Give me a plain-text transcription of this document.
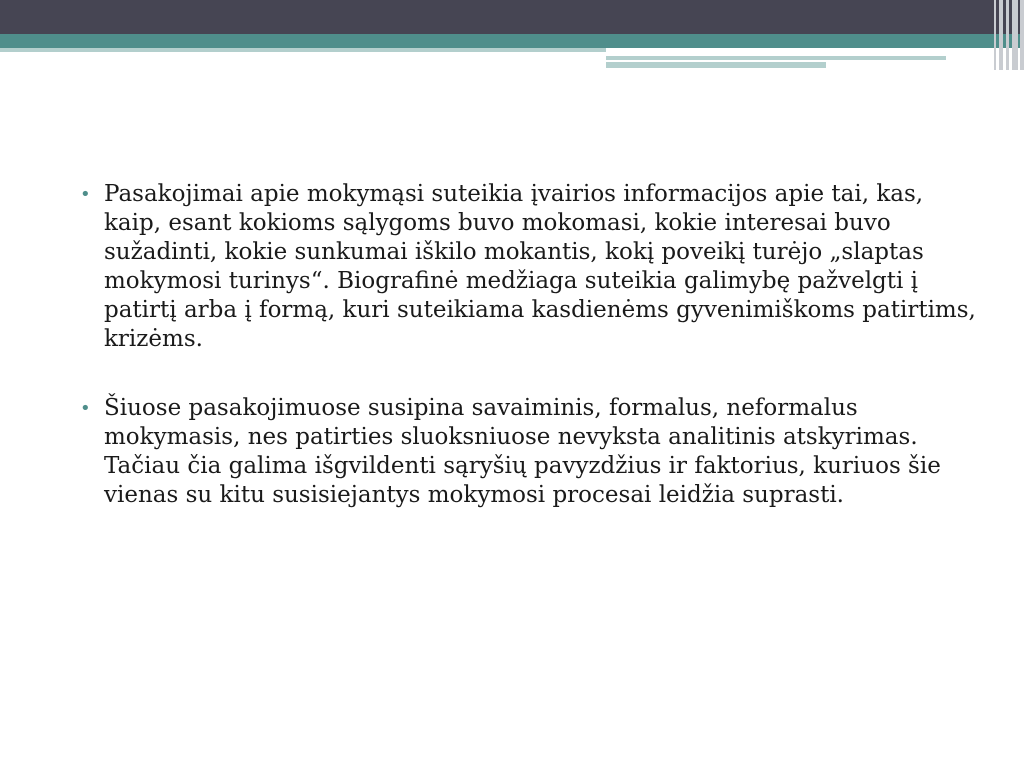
• Pasakojimai apie mokymąsi suteikia įvairios informacijos apie tai, kas, kaip, esant kokioms sąlygoms buvo mokomasi, kokie interesai buvo sužadinti, kokie sunkumai iškilo mokantis, kokį poveikį turėjo „slaptas mokymosi turinys“. Biografinė medžiaga suteikia galimybę pažvelgti į patirtį arba į formą, kuri suteikiama kasdienėms gyvenimiškoms patirtims, krizėms.
• Šiuose pasakojimuose susipina savaiminis, formalus, neformalus mokymasis, nes patirties sluoksniuose nevyksta analitinis atskyrimas. Tačiau čia galima išgvildenti sąryšių pavyzdžius ir faktorius, kuriuos šie vienas su kitu susisiejantys mokymosi procesai leidžia suprasti.
